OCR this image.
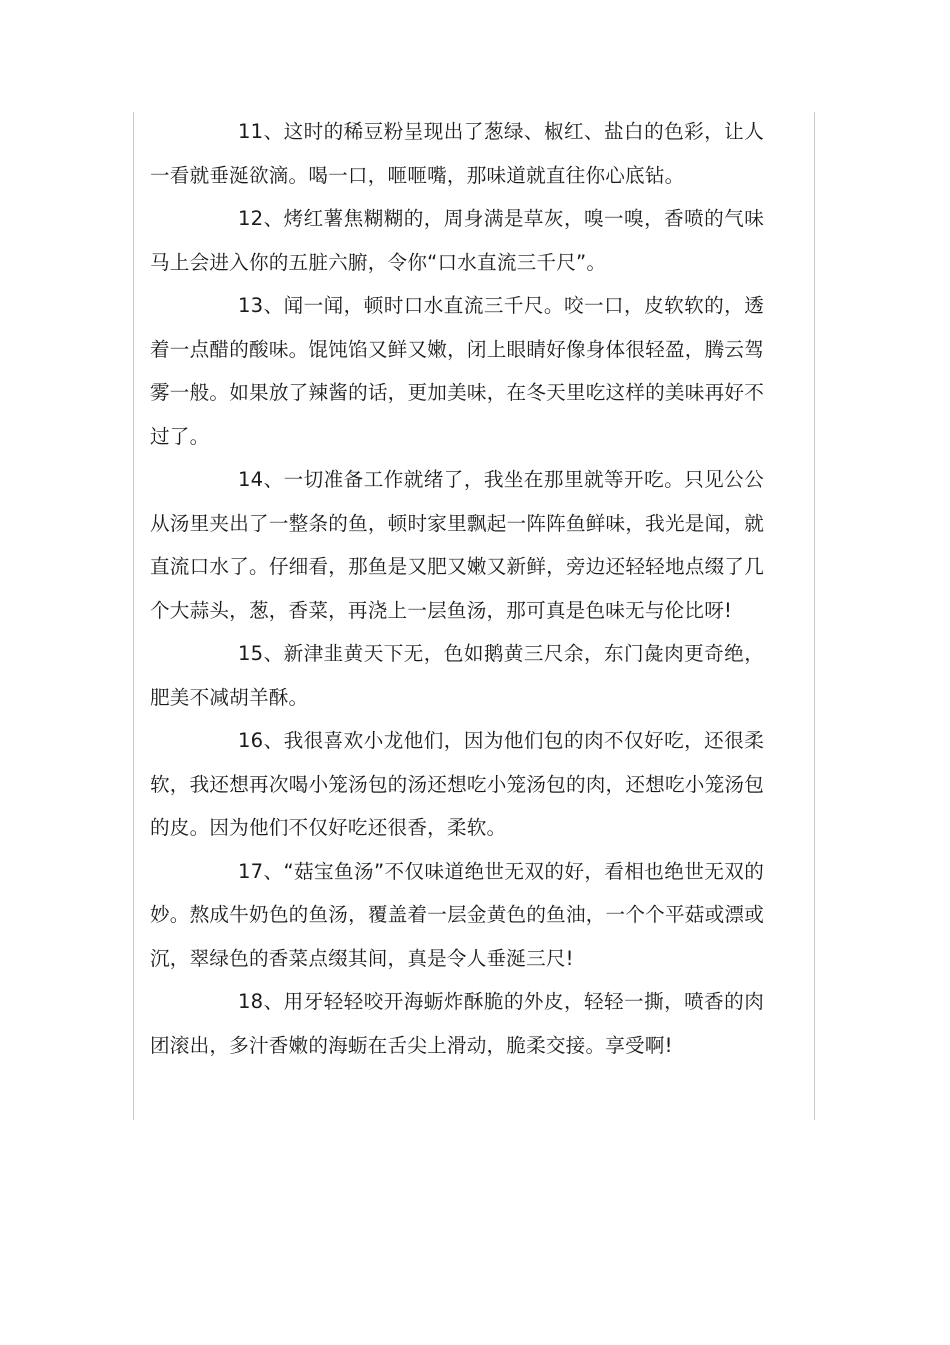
11、这时的稀豆粉呈现出了葱绿、椒红、盐白的色彩，让人一看就垂涎欲滴。喝一口，咂咂嘴，那味道就直往你心底钻。

12、烤红薯焦糊糊的，周身满是草灰，嗅一嗅，香喷的气味马上会进入你的五脏六腑，令你“口水直流三千尺”。

13、闻一闻，顿时口水直流三千尺。咬一口，皮软软的，透着一点醋的酸味。馄饨馅又鲜又嫩，闭上眼睛好像身体很轻盈，腾云驾雾一般。如果放了辣酱的话，更加美味，在冬天里吃这样的美味再好不过了。

14、一切准备工作就绪了，我坐在那里就等开吃。只见公公从汤里夹出了一整条的鱼，顿时家里飘起一阵阵鱼鲜味，我光是闻，就直流口水了。仔细看，那鱼是又肥又嫩又新鲜，旁边还轻轻地点缀了几个大蒜头，葱，香菜，再浇上一层鱼汤，那可真是色味无与伦比呀!

15、新津韭黄天下无，色如鹅黄三尺余，东门彘肉更奇绝，肥美不减胡羊酥。

16、我很喜欢小龙他们，因为他们包的肉不仅好吃，还很柔软，我还想再次喝小笼汤包的汤还想吃小笼汤包的肉，还想吃小笼汤包的皮。因为他们不仅好吃还很香，柔软。

17、“菇宝鱼汤”不仅味道绝世无双的好，看相也绝世无双的妙。熬成牛奶色的鱼汤，覆盖着一层金黄色的鱼油，一个个平菇或漂或沉，翠绿色的香菜点缀其间，真是令人垂涎三尺!

18、用牙轻轻咬开海蛎炸酥脆的外皮，轻轻一撕，喷香的肉团滚出，多汁香嫩的海蛎在舌尖上滑动，脆柔交接。享受啊!
